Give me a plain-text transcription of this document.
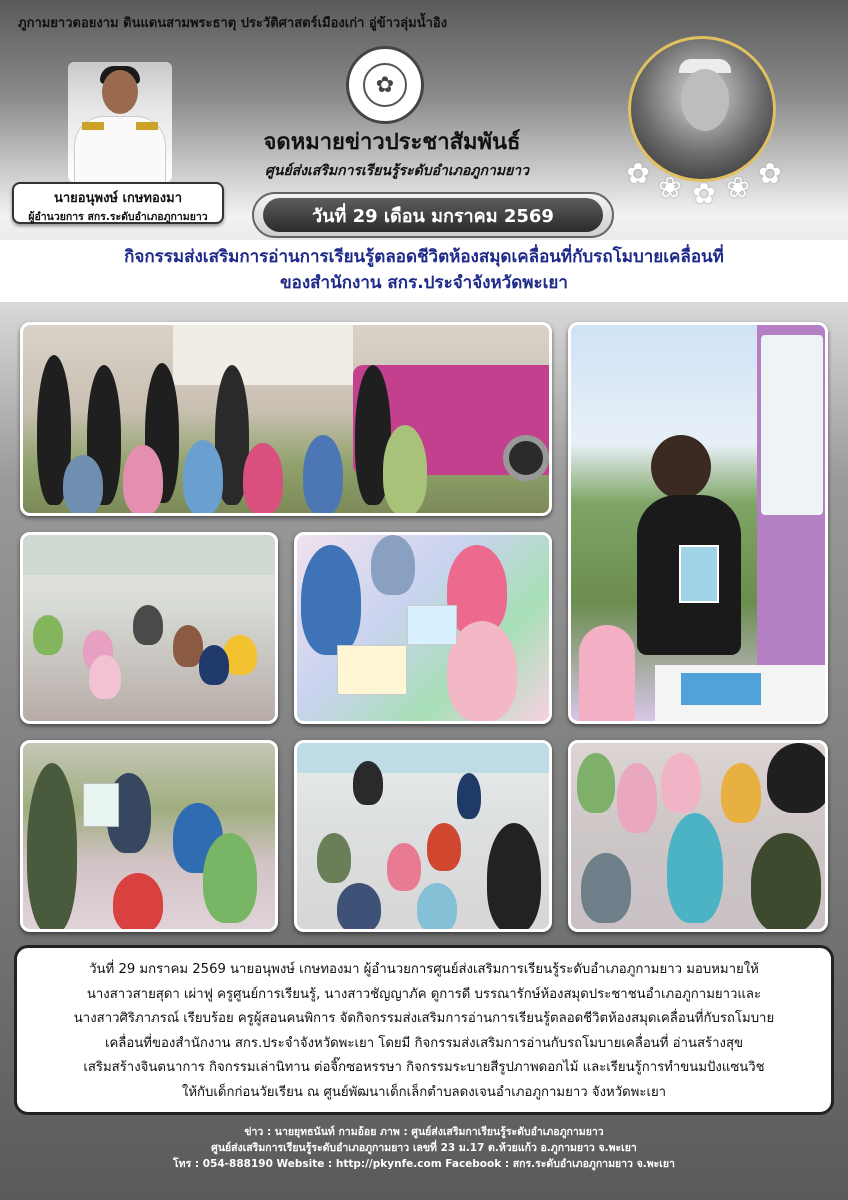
ภูกามยาวดอยงาม ดินแดนสามพระธาตุ ประวัติศาสตร์เมืองเก่า อู่ข้าวลุ่มน้ำอิง
นายอนุพงษ์ เกษทองมา
ผู้อำนวยการ สกร.ระดับอำเภอภูกามยาว
✿
จดหมายข่าวประชาสัมพันธ์
ศูนย์ส่งเสริมการเรียนรู้ระดับอำเภอภูกามยาว
วันที่ 29 เดือน มกราคม 2569
✿ ❀ ✿ ❀ ✿
กิจกรรมส่งเสริมการอ่านการเรียนรู้ตลอดชีวิตห้องสมุดเคลื่อนที่กับรถโมบายเคลื่อนที่
ของสำนักงาน สกร.ประจำจังหวัดพะเยา

วันที่ 29 มกราคม 2569 นายอนุพงษ์ เกษทองมา ผู้อำนวยการศูนย์ส่งเสริมการเรียนรู้ระดับอำเภอภูกามยาว มอบหมายให้

นางสาวสายสุดา เผ่าฟู ครูศูนย์การเรียนรู้, นางสาวชัญญาภัค ดูการดี บรรณารักษ์ห้องสมุดประชาชนอำเภอภูกามยาวและ

นางสาวศิริภาภรณ์ เรียบร้อย ครูผู้สอนคนพิการ จัดกิจกรรมส่งเสริมการอ่านการเรียนรู้ตลอดชีวิตห้องสมุดเคลื่อนที่กับรถโมบาย

เคลื่อนที่ของสำนักงาน สกร.ประจำจังหวัดพะเยา โดยมี กิจกรรมส่งเสริมการอ่านกับรถโมบายเคลื่อนที่ อ่านสร้างสุข

เสริมสร้างจินตนาการ กิจกรรมเล่านิทาน ต่อจิ๊กซอหรรษา กิจกรรมระบายสีรูปภาพดอกไม้ และเรียนรู้การทำขนมปังแซนวิช

ให้กับเด็กก่อนวัยเรียน ณ ศูนย์พัฒนาเด็กเล็กตำบลดงเจนอำเภอภูกามยาว จังหวัดพะเยา

ข่าว : นายยุทธนันท์ กามอ้อย ภาพ : ศูนย์ส่งเสริมกาเรียนรู้ระดับอำเภอภูกามยาว
ศูนย์ส่งเสริมการเรียนรู้ระดับอำเภอภูกามยาว เลขที่ 23 ม.17 ต.ห้วยแก้ว อ.ภูกามยาว จ.พะเยา
โทร : 054-888190 Website : http://pkynfe.com Facebook : สกร.ระดับอำเภอภูกามยาว จ.พะเยา
